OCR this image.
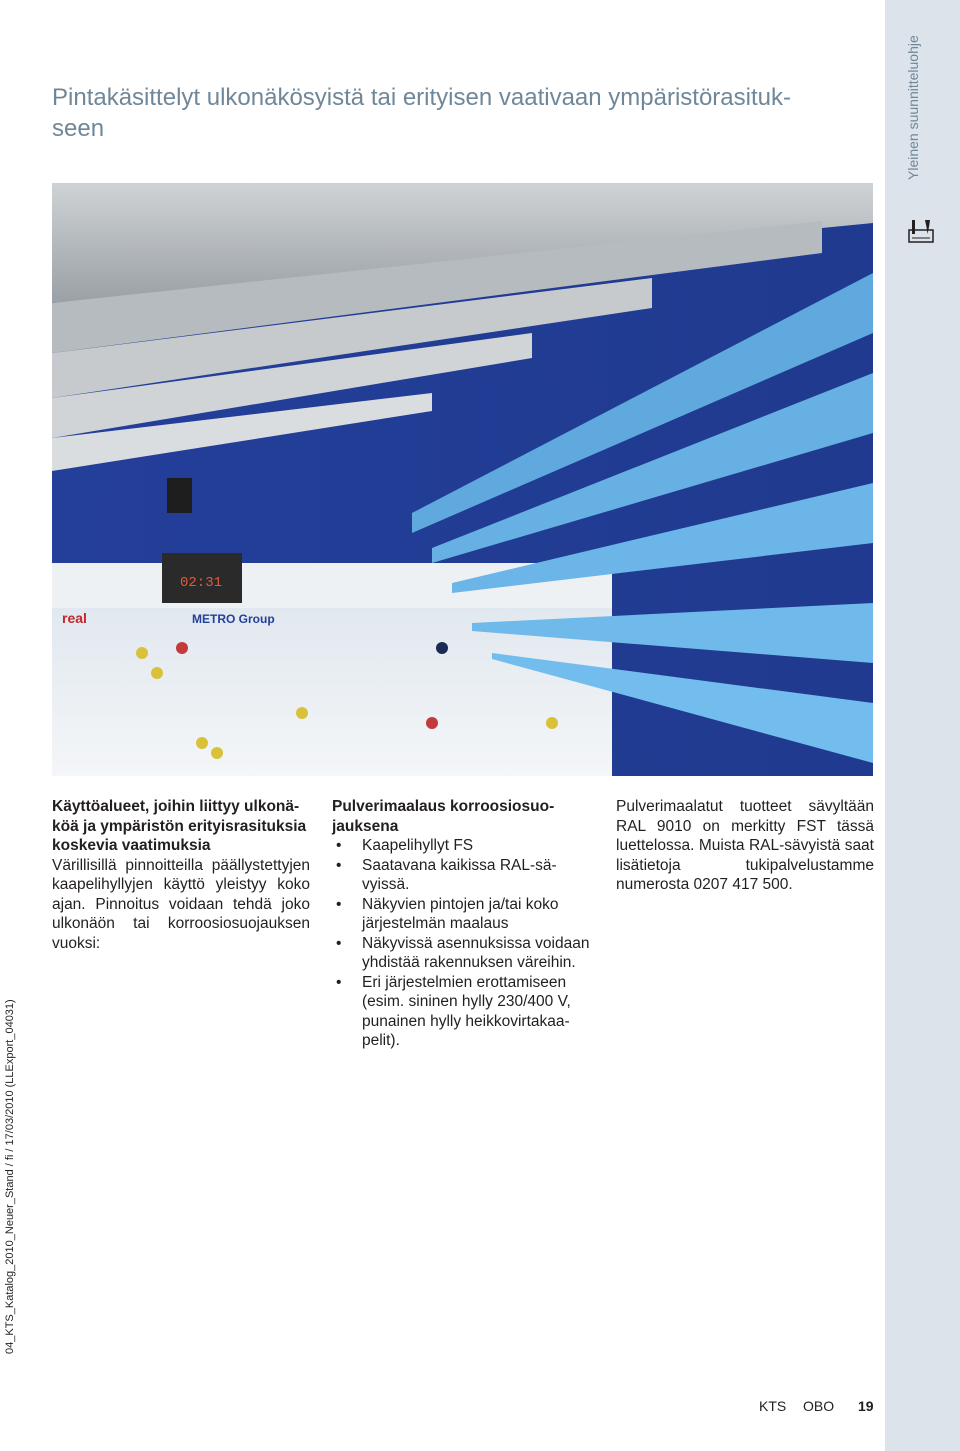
Pintakäsittelyt ulkonäkösyistä tai erityisen vaativaan ympäristörasitukseen	Yleinen suunnitteluohje
04_KTS_Katalog_2010_Neuer_Stand / fi / 17/03/2010 (LLExport_04031)
real	METRO Group
02:31
Käyttöalueet, joihin liittyy ulkonäköä ja ympäristön erityisrasituksia koskevia vaatimuksia

Värillisillä pinnoitteilla päällystettyjen kaapelihyllyjen käyttö yleistyy koko ajan. Pinnoitus voidaan tehdä joko ulkonäön tai korroosiosuojauksen vuoksi:

Pulverimaalaus korroosiosuojauksena
• Kaapelihyllyt FS
• Saatavana kaikissa RAL-sävyissä.
• Näkyvien pintojen ja/tai koko järjestelmän maalaus
• Näkyvissä asennuksissa voidaan yhdistää rakennuksen väreihin.
• Eri järjestelmien erottamiseen (esim. sininen hylly 230/400 V, punainen hylly heikkovirtakaapelit).

Pulverimaalatut tuotteet sävyltään RAL 9010 on merkitty FST tässä luettelossa. Muista RAL-sävyistä saat lisätietoja tukipalvelustamme numerosta 0207 417 500.

KTS OBO 19
